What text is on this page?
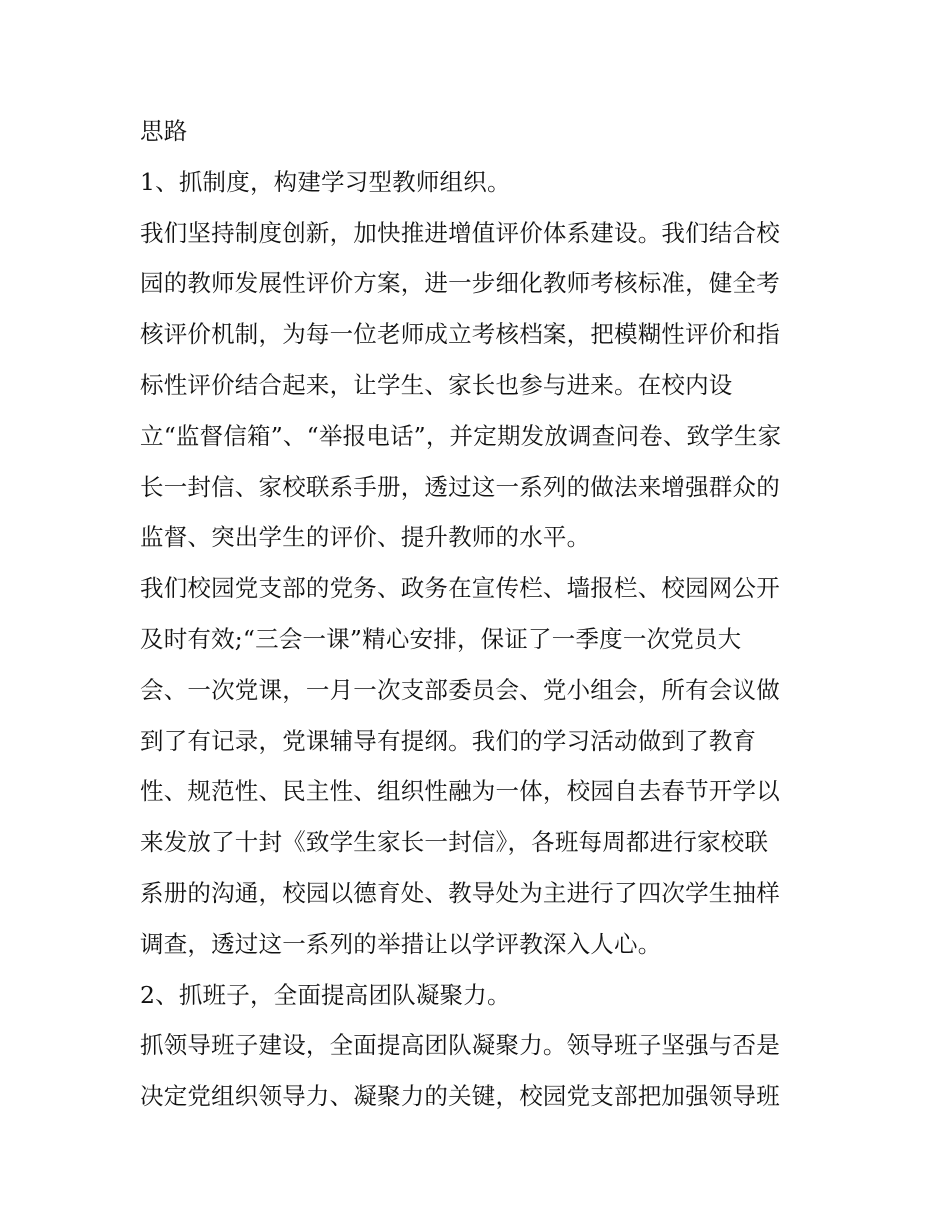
思路
1、抓制度，构建学习型教师组织。
我们坚持制度创新，加快推进增值评价体系建设。我们结合校
园的教师发展性评价方案，进一步细化教师考核标准，健全考
核评价机制，为每一位老师成立考核档案，把模糊性评价和指
标性评价结合起来，让学生、家长也参与进来。在校内设
立“监督信箱”、“举报电话”，并定期发放调查问卷、致学生家
长一封信、家校联系手册，透过这一系列的做法来增强群众的
监督、突出学生的评价、提升教师的水平。
我们校园党支部的党务、政务在宣传栏、墙报栏、校园网公开
及时有效;“三会一课”精心安排，保证了一季度一次党员大
会、一次党课，一月一次支部委员会、党小组会，所有会议做
到了有记录，党课辅导有提纲。我们的学习活动做到了教育
性、规范性、民主性、组织性融为一体，校园自去春节开学以
来发放了十封《致学生家长一封信》，各班每周都进行家校联
系册的沟通，校园以德育处、教导处为主进行了四次学生抽样
调查，透过这一系列的举措让以学评教深入人心。
2、抓班子，全面提高团队凝聚力。
抓领导班子建设，全面提高团队凝聚力。领导班子坚强与否是
决定党组织领导力、凝聚力的关键，校园党支部把加强领导班
